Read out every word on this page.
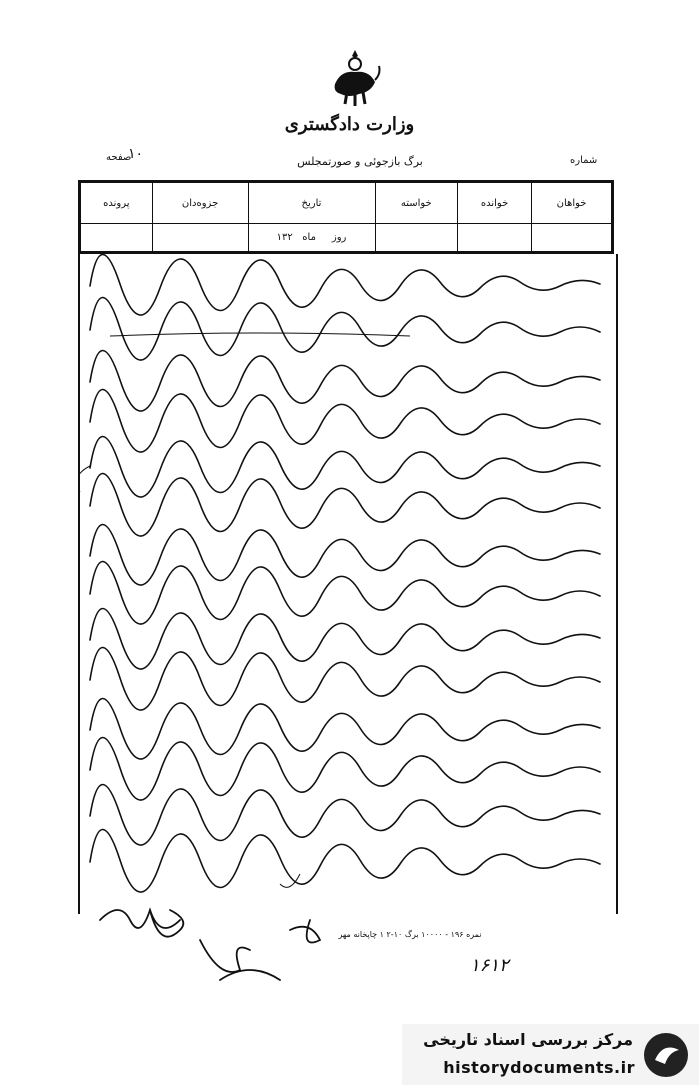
وزارت دادگستری
برگ بازجوئی و صورتمجلس	شماره
صفحه
۱۰
خواهان	خوانده	خواسته	تاریخ	جزوه‌دان	پرونده
			روز     ماه   ۱۳۲		
نمره ۱۹۶ - ۱۰۰۰۰ برگ ۱۰-۲ ۱ چاپخانه مهر
۱۶۱۲
مرکز بررسی اسناد تاریخی
historydocuments.ir
